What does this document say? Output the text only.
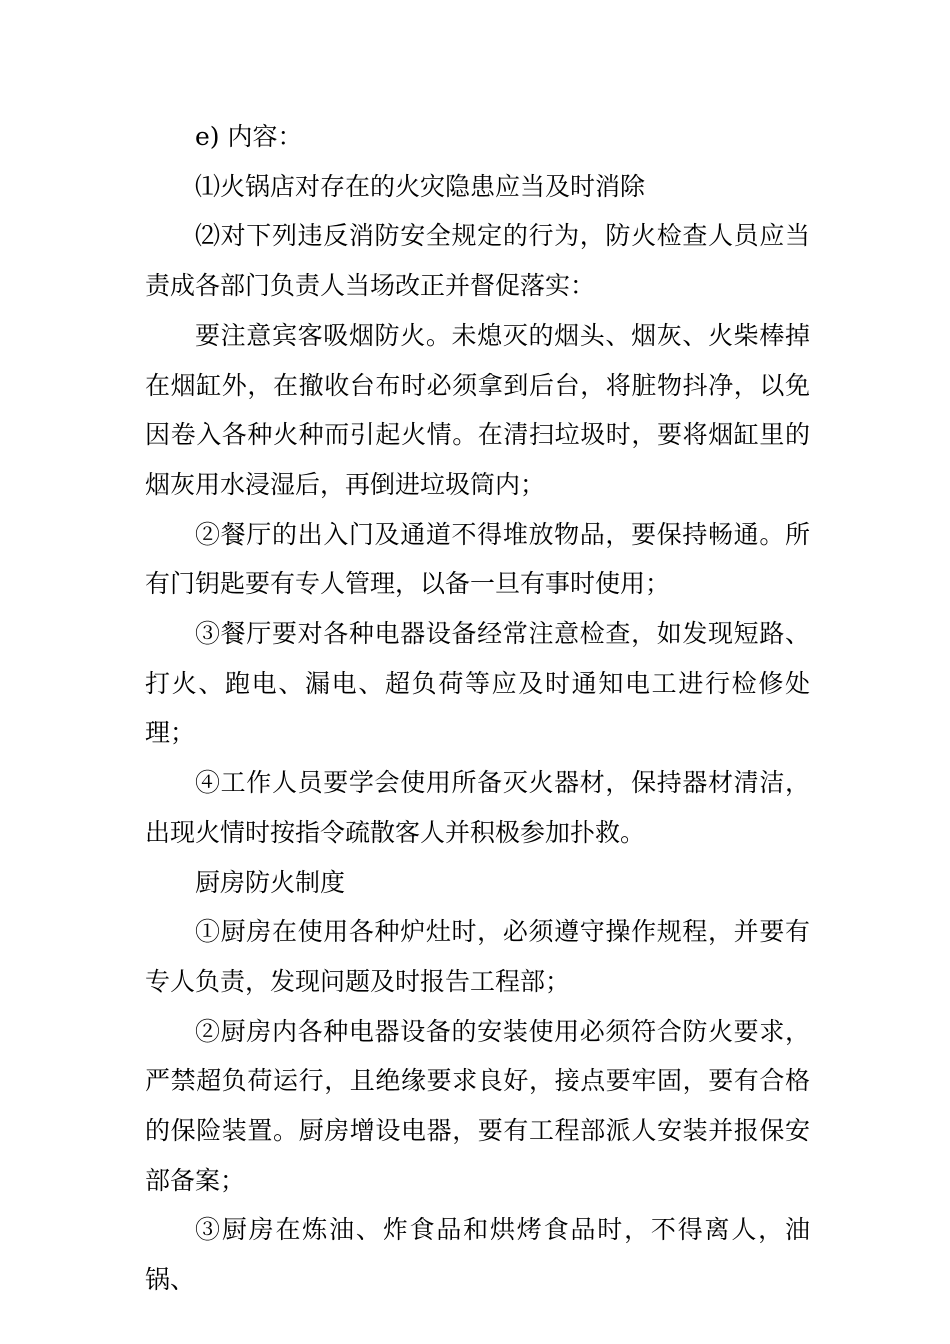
e) 内容：

⑴火锅店对存在的火灾隐患应当及时消除

⑵对下列违反消防安全规定的行为，防火检查人员应当责成各部门负责人当场改正并督促落实：

要注意宾客吸烟防火。未熄灭的烟头、烟灰、火柴棒掉在烟缸外，在撤收台布时必须拿到后台，将脏物抖净，以免因卷入各种火种而引起火情。在清扫垃圾时，要将烟缸里的烟灰用水浸湿后，再倒进垃圾筒内；

②餐厅的出入门及通道不得堆放物品，要保持畅通。所有门钥匙要有专人管理，以备一旦有事时使用；

③餐厅要对各种电器设备经常注意检查，如发现短路、打火、跑电、漏电、超负荷等应及时通知电工进行检修处理；

④工作人员要学会使用所备灭火器材，保持器材清洁，出现火情时按指令疏散客人并积极参加扑救。

厨房防火制度

①厨房在使用各种炉灶时，必须遵守操作规程，并要有专人负责，发现问题及时报告工程部；

②厨房内各种电器设备的安装使用必须符合防火要求，严禁超负荷运行，且绝缘要求良好，接点要牢固，要有合格的保险装置。厨房增设电器，要有工程部派人安装并报保安部备案；

③厨房在炼油、炸食品和烘烤食品时，不得离人，油锅、
